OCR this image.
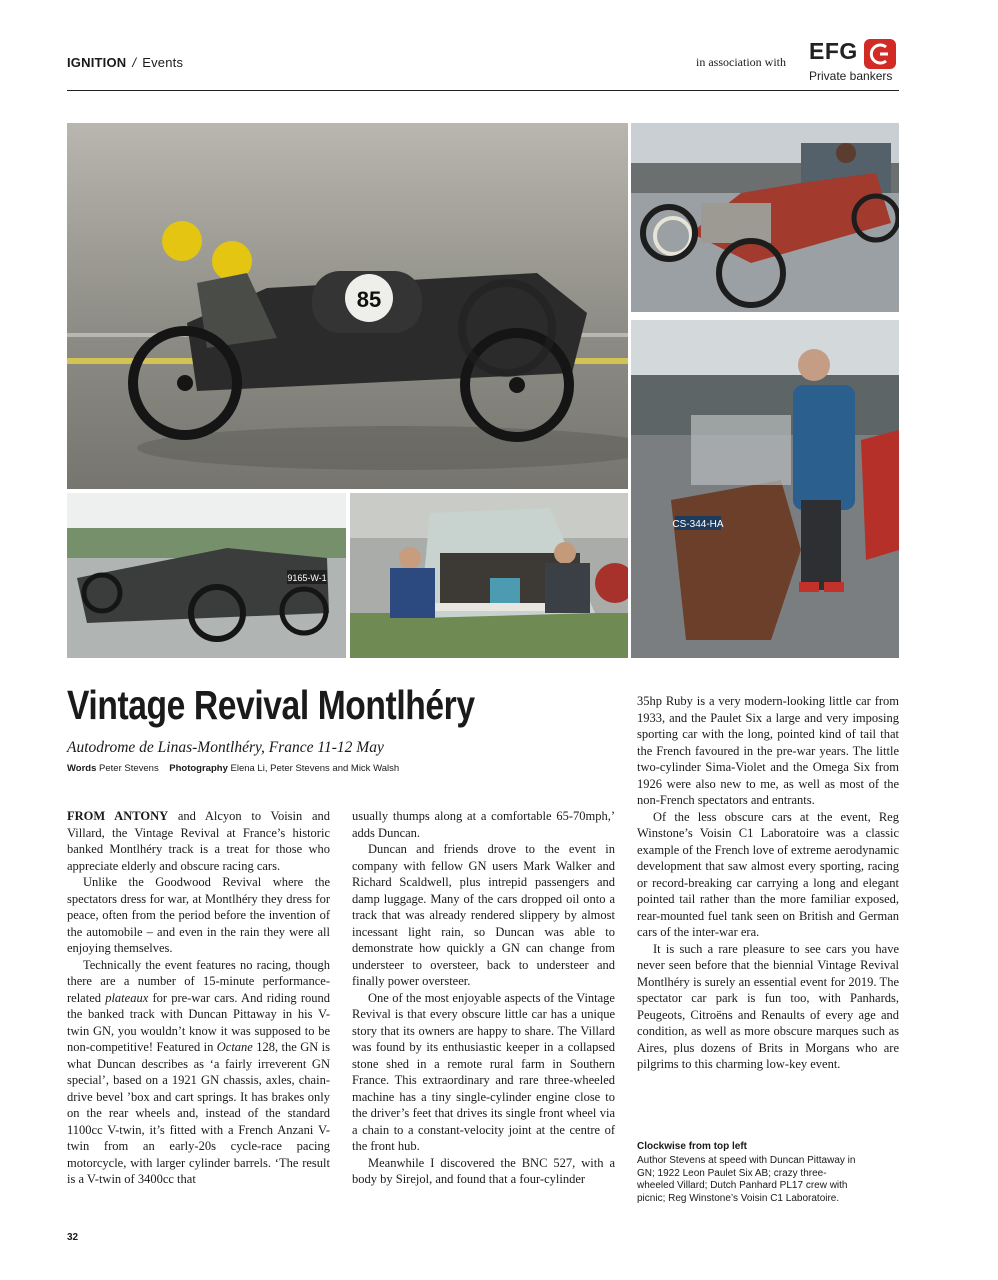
IGNITION / Events	in association with EFG
Private bankers
85
CS-344-HA
9165-W-1
Vintage Revival Montlhéry
Autodrome de Linas-Montlhéry, France 11-12 May
Words Peter Stevens Photography Elena Li, Peter Stevens and Mick Walsh

FROM ANTONY and Alcyon to Voisin and Villard, the Vintage Revival at France’s historic banked Montlhéry track is a treat for those who appreciate elderly and obscure racing cars.

Unlike the Goodwood Revival where the spectators dress for war, at Montlhéry they dress for peace, often from the period before the invention of the automobile – and even in the rain they were all enjoying themselves.

Technically the event features no racing, though there are a number of 15-minute performance-related plateaux for pre-war cars. And riding round the banked track with Duncan Pittaway in his V-twin GN, you wouldn’t know it was supposed to be non-competitive! Featured in Octane 128, the GN is what Duncan describes as ‘a fairly irreverent GN special’, based on a 1921 GN chassis, axles, chain-drive bevel ’box and cart springs. It has brakes only on the rear wheels and, instead of the standard 1100cc V-twin, it’s fitted with a French Anzani V-twin from an early-20s cycle-race pacing motorcycle, with larger cylinder barrels. ‘The result is a V-twin of 3400cc that

usually thumps along at a comfortable 65-70mph,’ adds Duncan.

Duncan and friends drove to the event in company with fellow GN users Mark Walker and Richard Scaldwell, plus intrepid passengers and damp luggage. Many of the cars dropped oil onto a track that was already rendered slippery by almost incessant light rain, so Duncan was able to demonstrate how quickly a GN can change from understeer to oversteer, back to understeer and finally power oversteer.

One of the most enjoyable aspects of the Vintage Revival is that every obscure little car has a unique story that its owners are happy to share. The Villard was found by its enthusiastic keeper in a collapsed stone shed in a remote rural farm in Southern France. This extraordinary and rare three-wheeled machine has a tiny single-cylinder engine close to the driver’s feet that drives its single front wheel via a chain to a constant-velocity joint at the centre of the front hub.

Meanwhile I discovered the BNC 527, with a body by Sirejol, and found that a four-cylinder

35hp Ruby is a very modern-looking little car from 1933, and the Paulet Six a large and very imposing sporting car with the long, pointed kind of tail that the French favoured in the pre-war years. The little two-cylinder Sima-Violet and the Omega Six from 1926 were also new to me, as well as most of the non-French spectators and entrants.

Of the less obscure cars at the event, Reg Winstone’s Voisin C1 Laboratoire was a classic example of the French love of extreme aerodynamic development that saw almost every sporting, racing or record-breaking car carrying a long and elegant pointed tail rather than the more familiar exposed, rear-mounted fuel tank seen on British and German cars of the inter-war era.

It is such a rare pleasure to see cars you have never seen before that the biennial Vintage Revival Montlhéry is surely an essential event for 2019. The spectator car park is fun too, with Panhards, Peugeots, Citroëns and Renaults of every age and condition, as well as more obscure marques such as Aires, plus dozens of Brits in Morgans who are pilgrims to this charming low-key event.

Clockwise from top left
Author Stevens at speed with Duncan Pittaway in GN; 1922 Leon Paulet Six AB; crazy three-wheeled Villard; Dutch Panhard PL17 crew with picnic; Reg Winstone’s Voisin C1 Laboratoire.
32
